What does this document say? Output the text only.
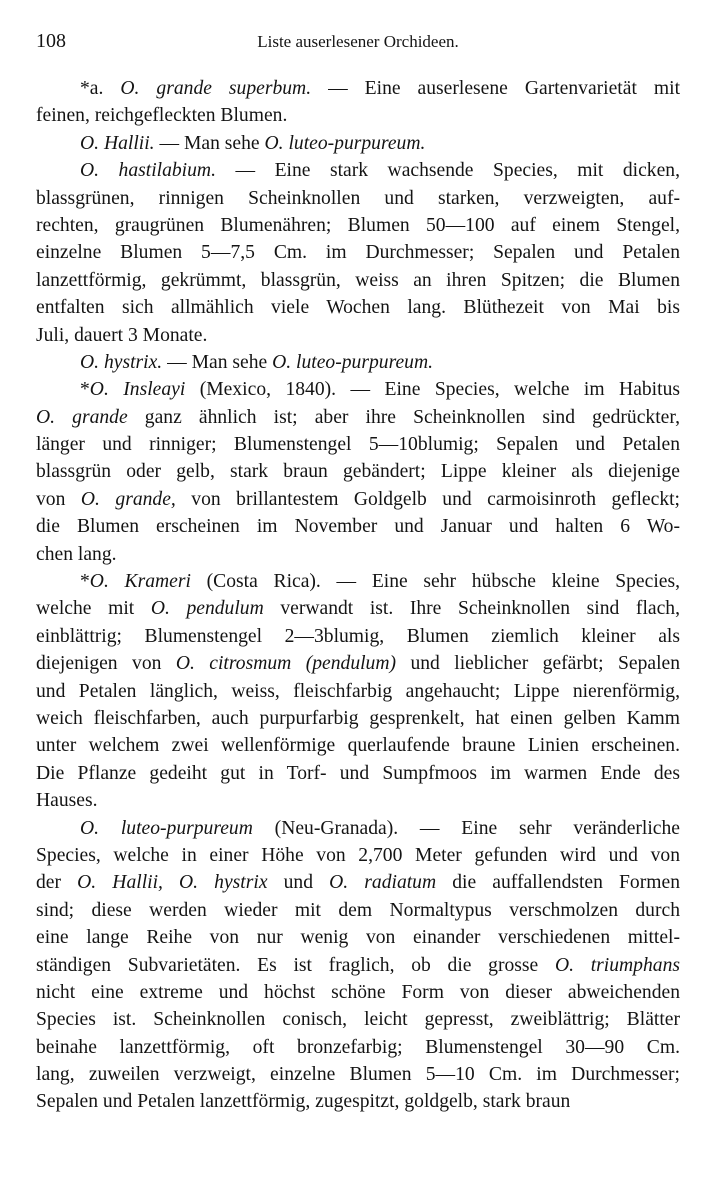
108	Liste auserlesener Orchideen.
*a. O. grande superbum. — Eine auserlesene Gartenvarietät mit
feinen, reichgefleckten Blumen.
O. Hallii. — Man sehe O. luteo-purpureum.
O. hastilabium. — Eine stark wachsende Species, mit dicken,
blassgrünen, rinnigen Scheinknollen und starken, verzweigten, auf-
rechten, graugrünen Blumenähren; Blumen 50—100 auf einem Stengel,
einzelne Blumen 5—7,5 Cm. im Durchmesser; Sepalen und Petalen
lanzettförmig, gekrümmt, blassgrün, weiss an ihren Spitzen; die Blumen
entfalten sich allmählich viele Wochen lang. Blüthezeit von Mai bis
Juli, dauert 3 Monate.
O. hystrix. — Man sehe O. luteo-purpureum.
*O. Insleayi (Mexico, 1840). — Eine Species, welche im Habitus
O. grande ganz ähnlich ist; aber ihre Scheinknollen sind gedrückter,
länger und rinniger; Blumenstengel 5—10blumig; Sepalen und Petalen
blassgrün oder gelb, stark braun gebändert; Lippe kleiner als diejenige
von O. grande, von brillantestem Goldgelb und carmoisinroth gefleckt;
die Blumen erscheinen im November und Januar und halten 6 Wo-
chen lang.
*O. Krameri (Costa Rica). — Eine sehr hübsche kleine Species,
welche mit O. pendulum verwandt ist. Ihre Scheinknollen sind flach,
einblättrig; Blumenstengel 2—3blumig, Blumen ziemlich kleiner als
diejenigen von O. citrosmum (pendulum) und lieblicher gefärbt; Sepalen
und Petalen länglich, weiss, fleischfarbig angehaucht; Lippe nierenförmig,
weich fleischfarben, auch purpurfarbig gesprenkelt, hat einen gelben Kamm
unter welchem zwei wellenförmige querlaufende braune Linien erscheinen.
Die Pflanze gedeiht gut in Torf- und Sumpfmoos im warmen Ende des
Hauses.
O. luteo-purpureum (Neu-Granada). — Eine sehr veränderliche
Species, welche in einer Höhe von 2,700 Meter gefunden wird und von
der O. Hallii, O. hystrix und O. radiatum die auffallendsten Formen
sind; diese werden wieder mit dem Normaltypus verschmolzen durch
eine lange Reihe von nur wenig von einander verschiedenen mittel-
ständigen Subvarietäten. Es ist fraglich, ob die grosse O. triumphans
nicht eine extreme und höchst schöne Form von dieser abweichenden
Species ist. Scheinknollen conisch, leicht gepresst, zweiblättrig; Blätter
beinahe lanzettförmig, oft bronzefarbig; Blumenstengel 30—90 Cm.
lang, zuweilen verzweigt, einzelne Blumen 5—10 Cm. im Durchmesser;
Sepalen und Petalen lanzettförmig, zugespitzt, goldgelb, stark braun
